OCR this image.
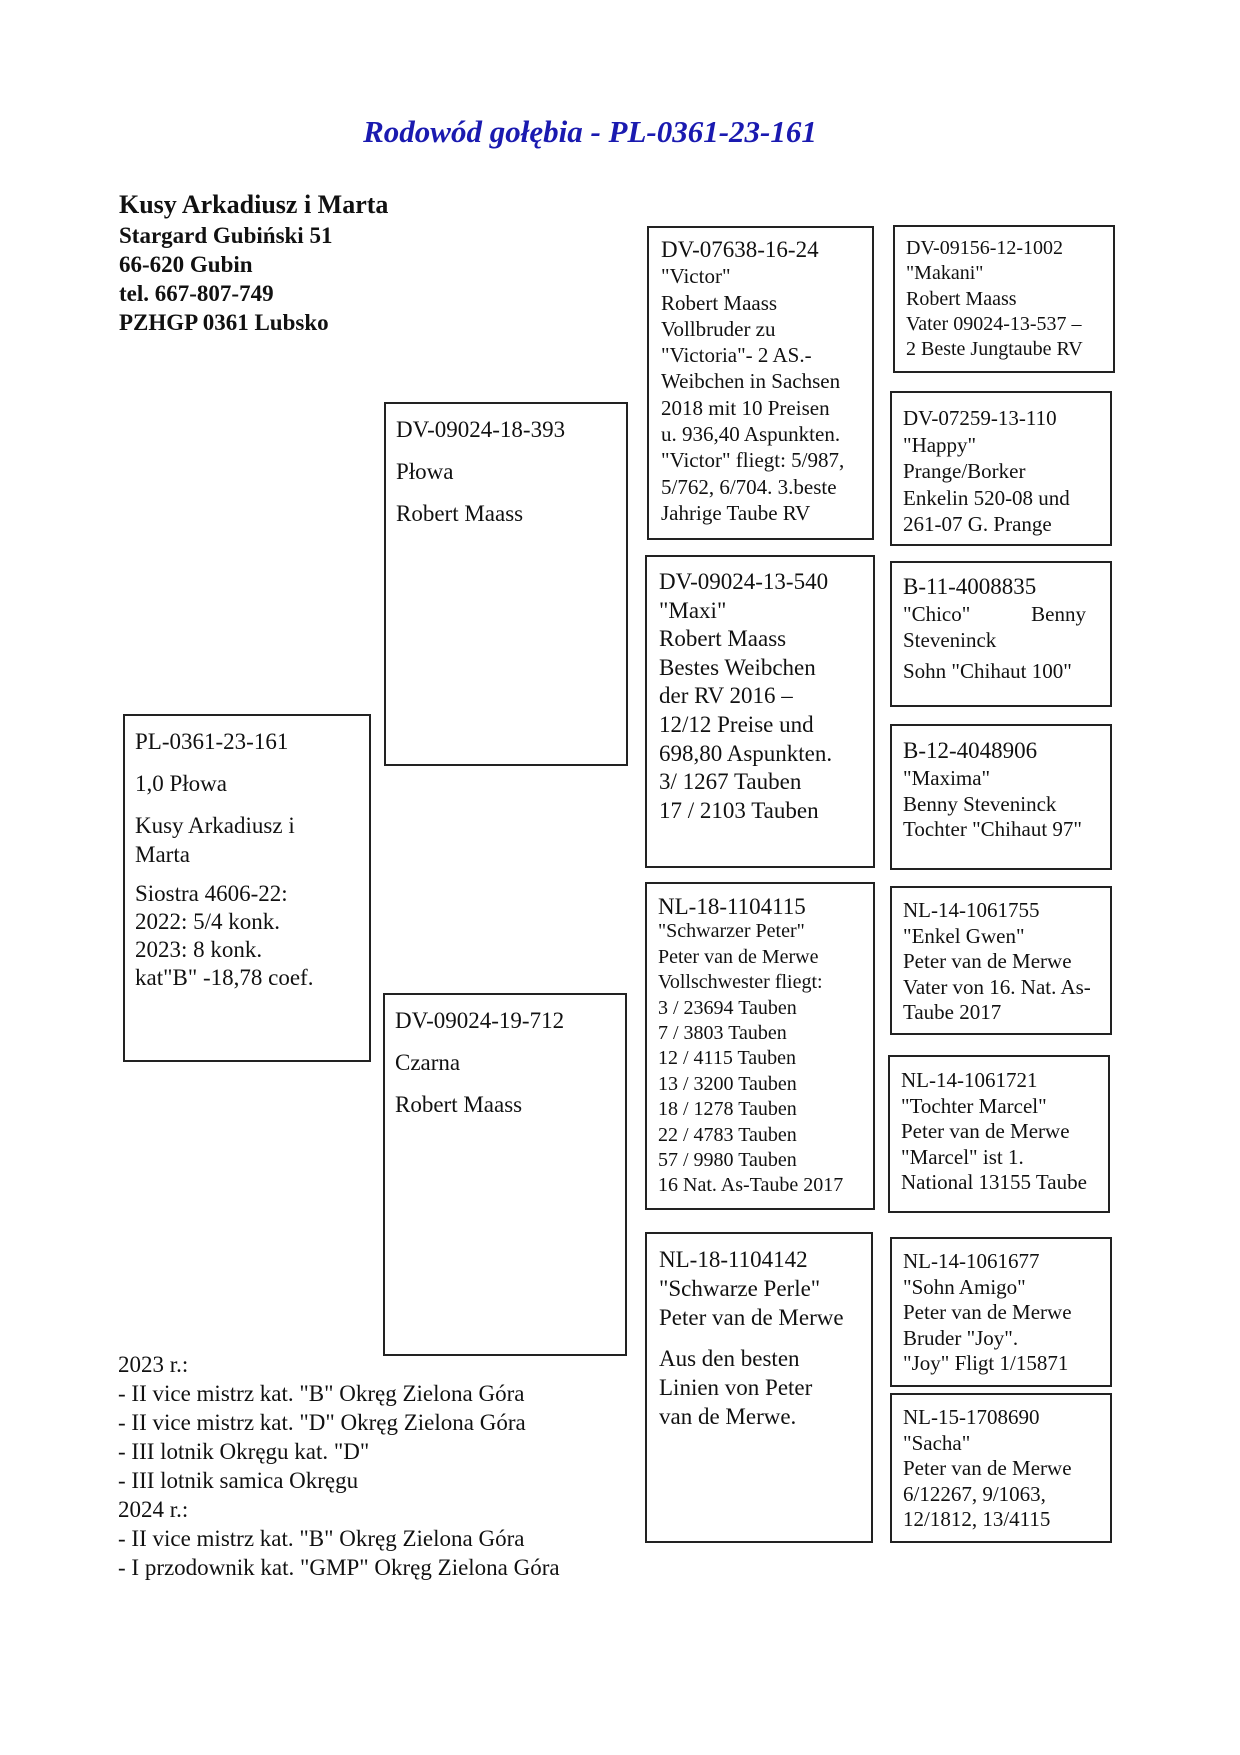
Rodowód gołębia - PL-0361-23-161
Kusy Arkadiusz i Marta
Stargard Gubiński 51
66-620 Gubin
tel. 667-807-749
PZHGP 0361 Lubsko
PL-0361-23-161
1,0 Płowa
Kusy Arkadiusz i
Marta
Siostra 4606-22:
2022: 5/4 konk.
2023: 8 konk.
kat"B" -18,78 coef.
DV-09024-18-393
Płowa
Robert Maass
DV-09024-19-712
Czarna
Robert Maass
DV-07638-16-24
"Victor"
Robert Maass
Vollbruder zu
"Victoria"- 2 AS.-
Weibchen in Sachsen
2018 mit 10 Preisen
u. 936,40 Aspunkten.
"Victor" fliegt: 5/987,
5/762, 6/704. 3.beste
Jahrige Taube RV
DV-09024-13-540
"Maxi"
Robert Maass
Bestes Weibchen
der RV 2016 –
12/12 Preise und
698,80 Aspunkten.
3/ 1267 Tauben
17 / 2103 Tauben
NL-18-1104115
"Schwarzer Peter"
Peter van de Merwe
Vollschwester fliegt:
3 / 23694 Tauben
7 / 3803 Tauben
12 / 4115 Tauben
13 / 3200 Tauben
18 / 1278 Tauben
22 / 4783 Tauben
57 / 9980 Tauben
16 Nat. As-Taube 2017
NL-18-1104142
"Schwarze Perle"
Peter van de Merwe
Aus den besten
Linien von Peter
van de Merwe.
DV-09156-12-1002
"Makani"
Robert Maass
Vater 09024-13-537 –
2 Beste Jungtaube RV
DV-07259-13-110
"Happy"
Prange/Borker
Enkelin 520-08 und
261-07 G. Prange
B-11-4008835
"Chico"	Benny
Steveninck
Sohn "Chihaut 100"
B-12-4048906
"Maxima"
Benny Steveninck
Tochter "Chihaut 97"
NL-14-1061755
"Enkel Gwen"
Peter van de Merwe
Vater von 16. Nat. As-
Taube 2017
NL-14-1061721
"Tochter Marcel"
Peter van de Merwe
"Marcel" ist 1.
National 13155 Taube
NL-14-1061677
"Sohn Amigo"
Peter van de Merwe
Bruder "Joy".
"Joy" Fligt 1/15871
NL-15-1708690
"Sacha"
Peter van de Merwe
6/12267, 9/1063,
12/1812, 13/4115
2023 r.:
- II vice mistrz kat. "B" Okręg Zielona Góra
- II vice mistrz kat. "D" Okręg Zielona Góra
- III lotnik Okręgu kat. "D"
- III lotnik samica Okręgu
2024 r.:
- II vice mistrz kat. "B" Okręg Zielona Góra
- I przodownik kat. "GMP" Okręg Zielona Góra
